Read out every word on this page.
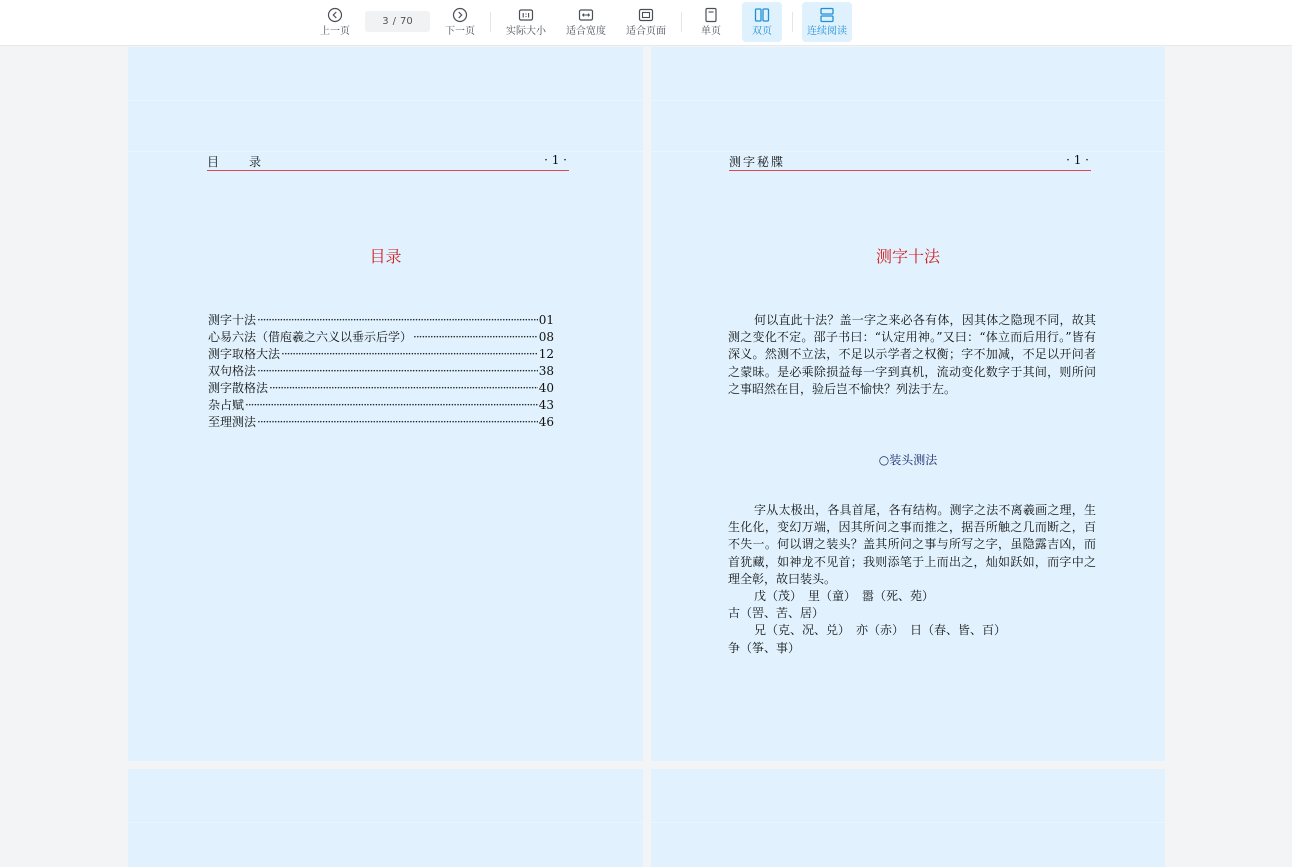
上一页
3 / 70
下一页	实际大小 适合宽度 适合页面	单页	双页	连续阅读
目　　录	· 1 ·
目录
测字十法 ·····	01
心易六法（借庖羲之六义以垂示后学） ·····	08
测字取格大法 ·····	12
双句格法 ·····	38
测字散格法 ·····	40
杂占赋 ·····	43
至理测法 ·····	46
测字秘牒	· 1 ·
测字十法

何以直此十法？盖一字之来必各有体，因其体之隐现不同，故其测之变化不定。邵子书曰：“认定用神。”又曰：“体立而后用行。”皆有深义。然测不立法，不足以示学者之权衡；字不加减，不足以开问者之蒙昧。是必乘除损益每一字到真机，流动变化数字于其间，则所问之事昭然在目，验后岂不愉快？列法于左。

○装头测法

字从太极出，各具首尾，各有结构。测字之法不离羲画之理，生生化化，变幻万端，因其所问之事而推之，据吾所触之几而断之，百不失一。何以谓之装头？盖其所问之事与所写之字，虽隐露吉凶，而首犹藏，如神龙不见首；我则添笔于上而出之，灿如跃如，而字中之理全彰，故曰装头。

戊（茂）　里（童）　嚣（死、苑）

古（罟、苦、居）

兄（克、况、兑）　亦（赤）　日（春、皆、百）

争（筝、事）
